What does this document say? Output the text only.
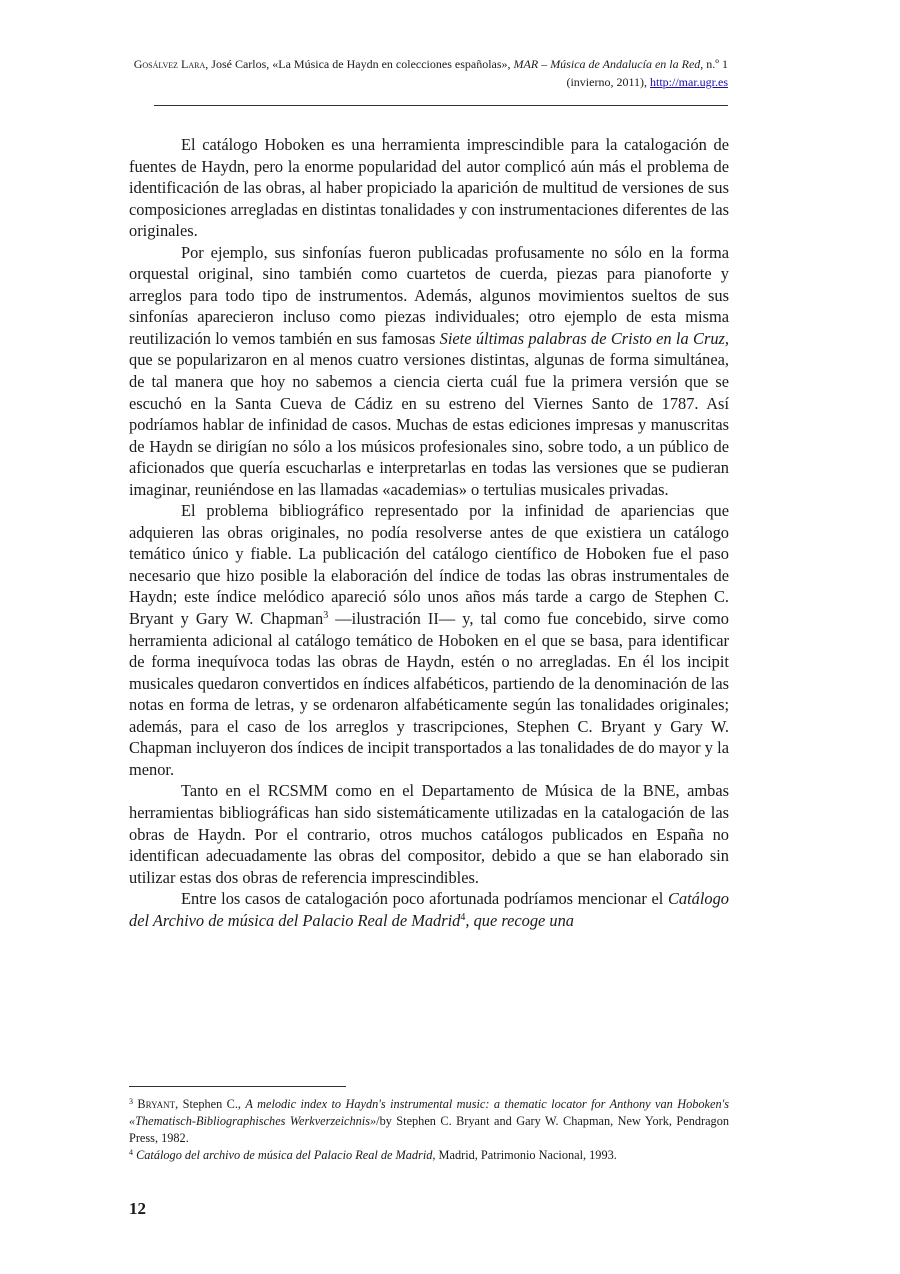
Gosálvez Lara, José Carlos, «La Música de Haydn en colecciones españolas», MAR – Música de Andalucía en la Red, n.º 1 (invierno, 2011), http://mar.ugr.es

El catálogo Hoboken es una herramienta imprescindible para la catalogación de fuentes de Haydn, pero la enorme popularidad del autor complicó aún más el problema de identificación de las obras, al haber propiciado la aparición de multitud de versiones de sus composiciones arregladas en distintas tonalidades y con instrumentaciones diferentes de las originales.

Por ejemplo, sus sinfonías fueron publicadas profusamente no sólo en la forma orquestal original, sino también como cuartetos de cuerda, piezas para pianoforte y arreglos para todo tipo de instrumentos. Además, algunos movimientos sueltos de sus sinfonías aparecieron incluso como piezas individuales; otro ejemplo de esta misma reutilización lo vemos también en sus famosas Siete últimas palabras de Cristo en la Cruz, que se popularizaron en al menos cuatro versiones distintas, algunas de forma simultánea, de tal manera que hoy no sabemos a ciencia cierta cuál fue la primera versión que se escuchó en la Santa Cueva de Cádiz en su estreno del Viernes Santo de 1787. Así podríamos hablar de infinidad de casos. Muchas de estas ediciones impresas y manuscritas de Haydn se dirigían no sólo a los músicos profesionales sino, sobre todo, a un público de aficionados que quería escucharlas e interpretarlas en todas las versiones que se pudieran imaginar, reuniéndose en las llamadas «academias» o tertulias musicales privadas.

El problema bibliográfico representado por la infinidad de apariencias que adquieren las obras originales, no podía resolverse antes de que existiera un catálogo temático único y fiable. La publicación del catálogo científico de Hoboken fue el paso necesario que hizo posible la elaboración del índice de todas las obras instrumentales de Haydn; este índice melódico apareció sólo unos años más tarde a cargo de Stephen C. Bryant y Gary W. Chapman$^3$ —ilustración II— y, tal como fue concebido, sirve como herramienta adicional al catálogo temático de Hoboken en el que se basa, para identificar de forma inequívoca todas las obras de Haydn, estén o no arregladas. En él los incipit musicales quedaron convertidos en índices alfabéticos, partiendo de la denominación de las notas en forma de letras, y se ordenaron alfabéticamente según las tonalidades originales; además, para el caso de los arreglos y trascripciones, Stephen C. Bryant y Gary W. Chapman incluyeron dos índices de incipit transportados a las tonalidades de do mayor y la menor.

Tanto en el RCSMM como en el Departamento de Música de la BNE, ambas herramientas bibliográficas han sido sistemáticamente utilizadas en la catalogación de las obras de Haydn. Por el contrario, otros muchos catálogos publicados en España no identifican adecuadamente las obras del compositor, debido a que se han elaborado sin utilizar estas dos obras de referencia imprescindibles.

Entre los casos de catalogación poco afortunada podríamos mencionar el Catálogo del Archivo de música del Palacio Real de Madrid$^4$, que recoge una

$^3$ Bryant, Stephen C., A melodic index to Haydn's instrumental music: a thematic locator for Anthony van Hoboken's «Thematisch-Bibliographisches Werkverzeichnis»/by Stephen C. Bryant and Gary W. Chapman, New York, Pendragon Press, 1982.

$^4$ Catálogo del archivo de música del Palacio Real de Madrid, Madrid, Patrimonio Nacional, 1993.

12
